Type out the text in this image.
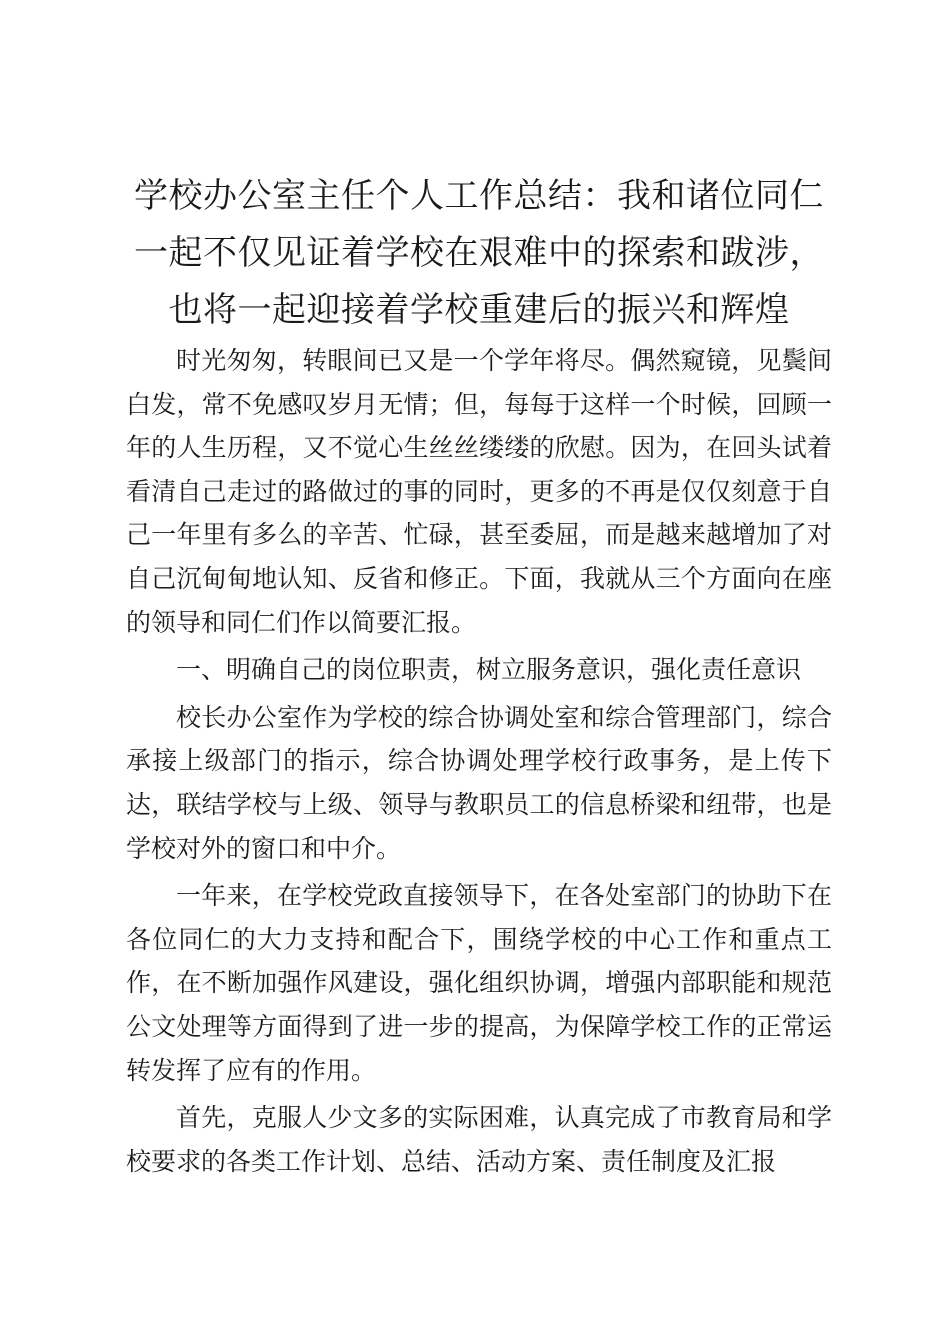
学校办公室主任个人工作总结：我和诸位同仁一起不仅见证着学校在艰难中的探索和跋涉，也将一起迎接着学校重建后的振兴和辉煌

时光匆匆，转眼间已又是一个学年将尽。偶然窥镜，见鬓间白发，常不免感叹岁月无情；但，每每于这样一个时候，回顾一年的人生历程，又不觉心生丝丝缕缕的欣慰。因为，在回头试着看清自己走过的路做过的事的同时，更多的不再是仅仅刻意于自己一年里有多么的辛苦、忙碌，甚至委屈，而是越来越增加了对自己沉甸甸地认知、反省和修正。下面，我就从三个方面向在座的领导和同仁们作以简要汇报。

一、明确自己的岗位职责，树立服务意识，强化责任意识

校长办公室作为学校的综合协调处室和综合管理部门，综合承接上级部门的指示，综合协调处理学校行政事务，是上传下达，联结学校与上级、领导与教职员工的信息桥梁和纽带，也是学校对外的窗口和中介。

一年来，在学校党政直接领导下，在各处室部门的协助下在各位同仁的大力支持和配合下，围绕学校的中心工作和重点工作，在不断加强作风建设，强化组织协调，增强内部职能和规范公文处理等方面得到了进一步的提高，为保障学校工作的正常运转发挥了应有的作用。

首先，克服人少文多的实际困难，认真完成了市教育局和学校要求的各类工作计划、总结、活动方案、责任制度及汇报
